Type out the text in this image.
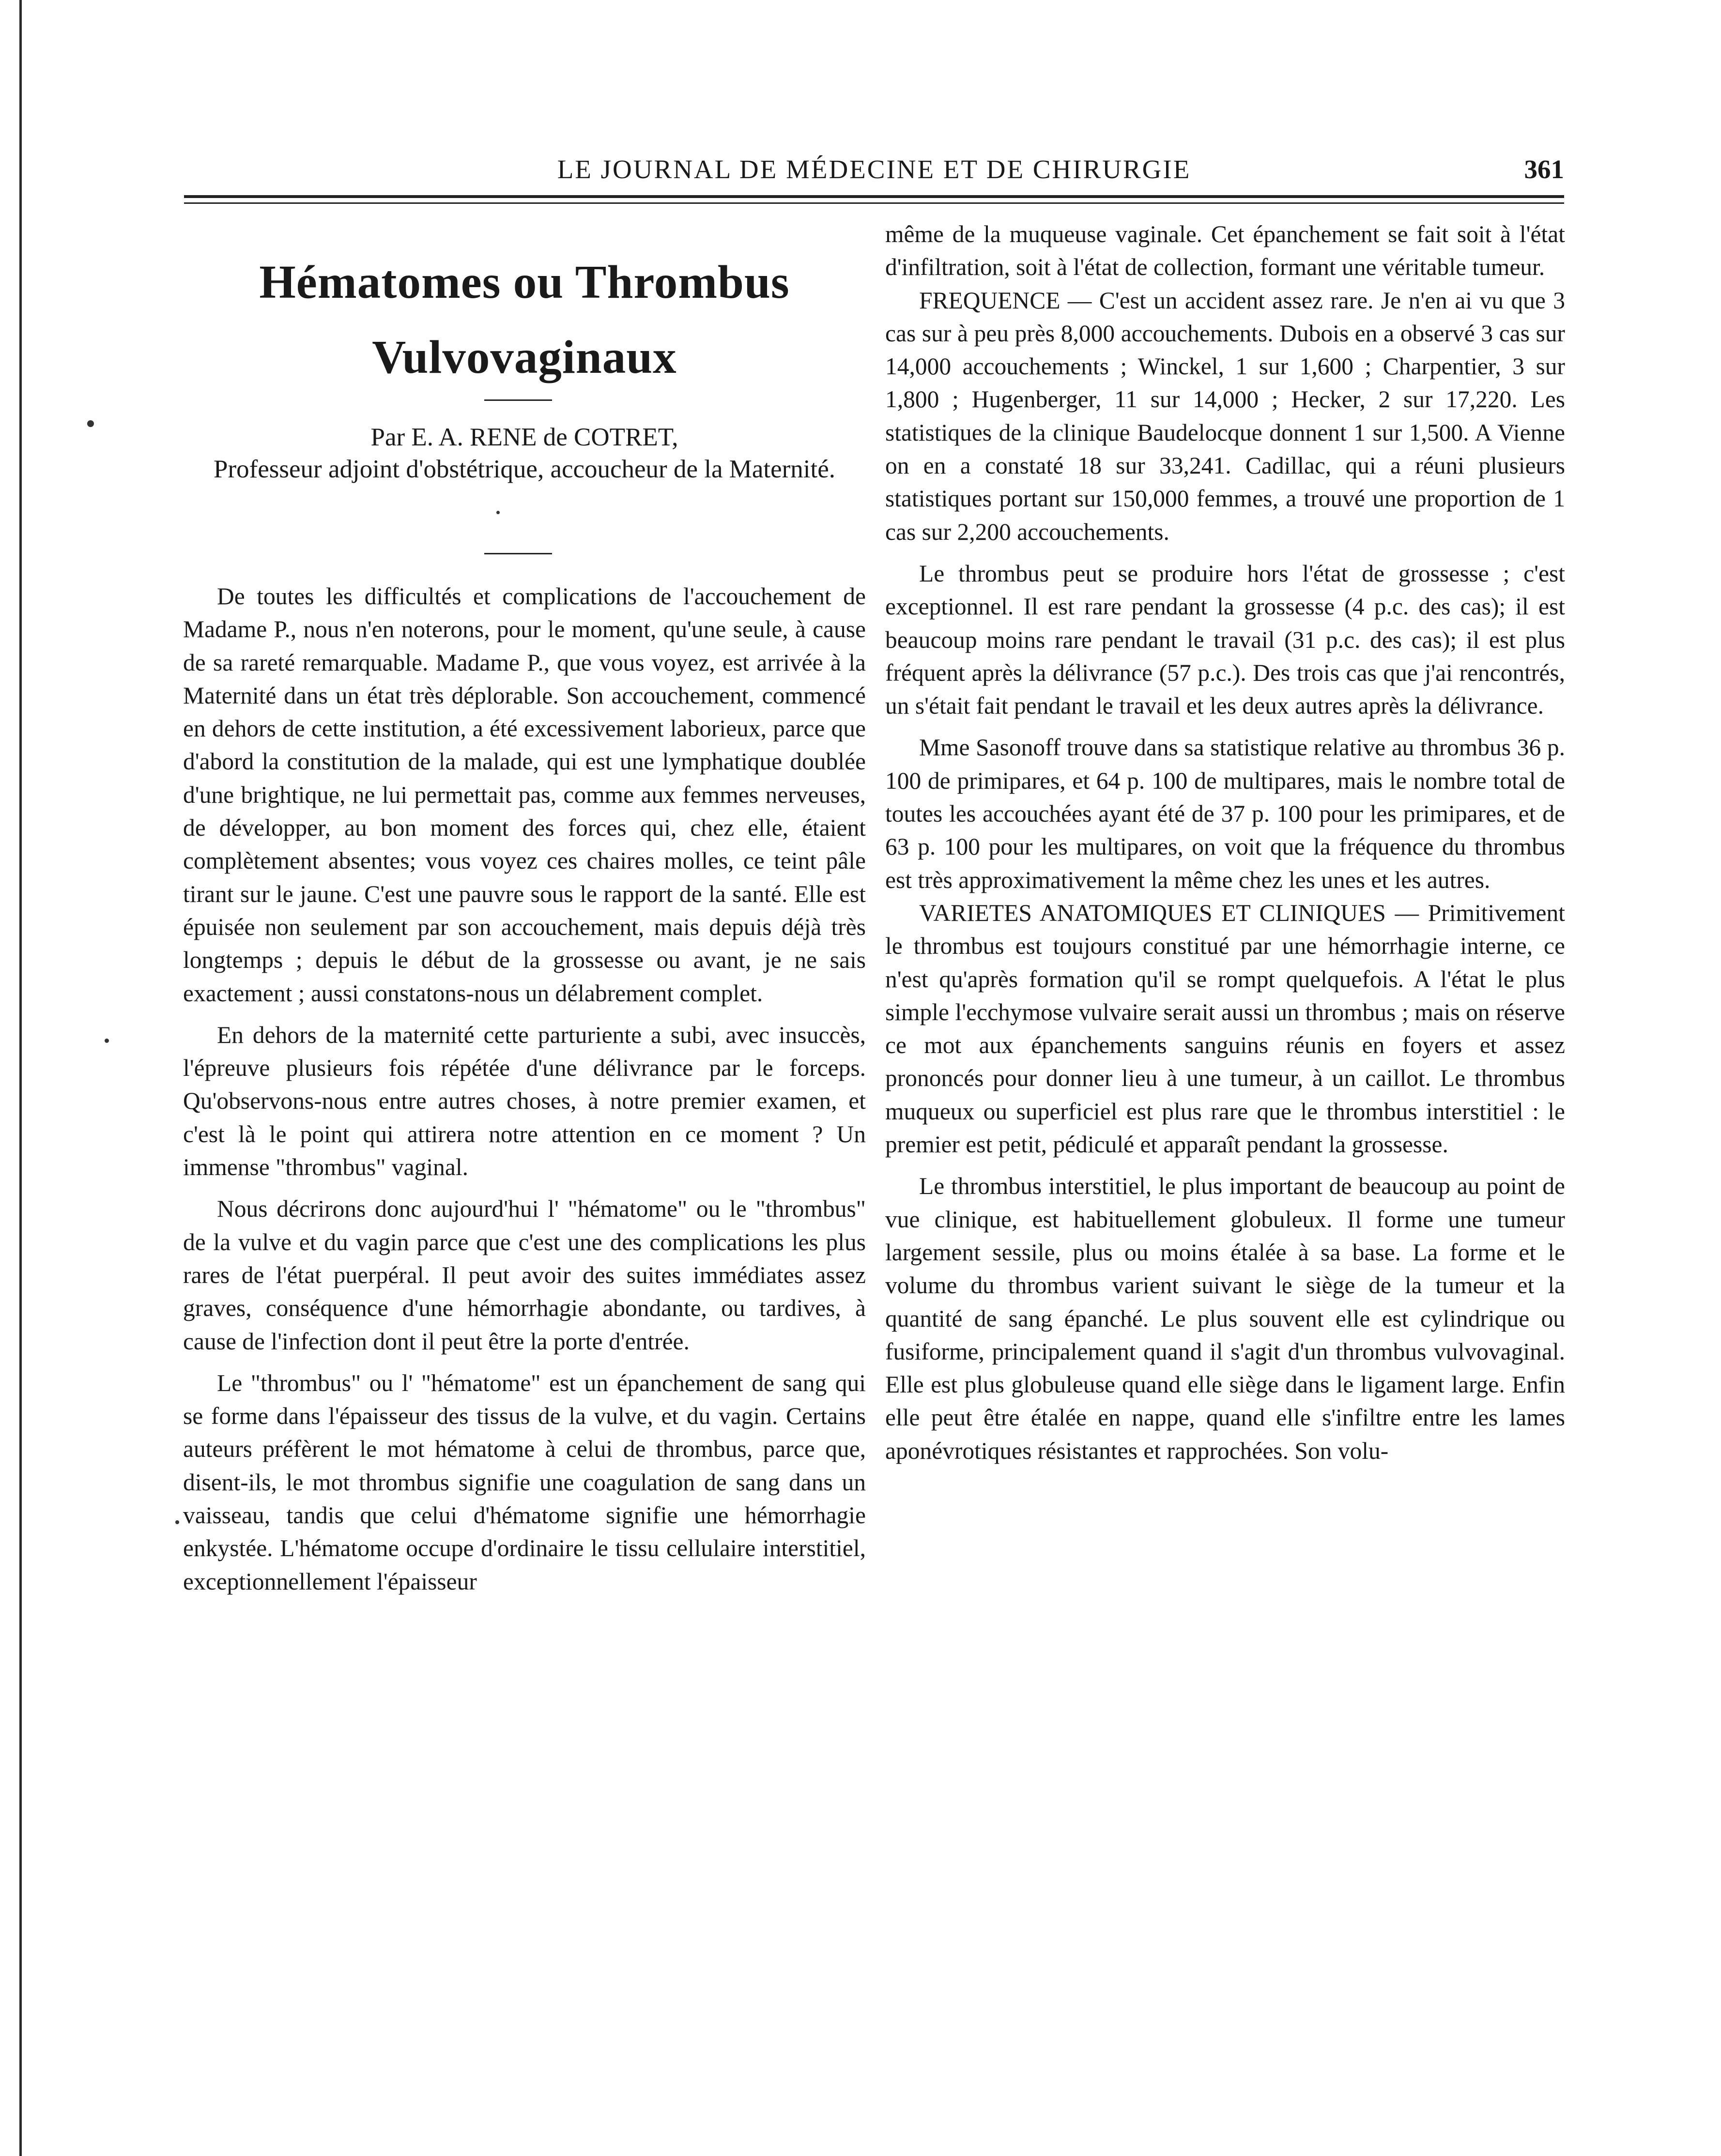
LE JOURNAL DE MÉDECINE ET DE CHIRURGIE	361
Hématomes ou Thrombus
Vulvovaginaux
Par E. A. RENE de COTRET,
Professeur adjoint d'obstétrique, accoucheur de la Maternité.

De toutes les difficultés et complications de l'accouchement de Madame P., nous n'en noterons, pour le moment, qu'une seule, à cause de sa rareté remarquable. Madame P., que vous voyez, est arrivée à la Maternité dans un état très déplorable. Son accouchement, commencé en dehors de cette institution, a été excessivement laborieux, parce que d'abord la constitution de la malade, qui est une lymphatique doublée d'une brightique, ne lui permettait pas, comme aux femmes nerveuses, de développer, au bon moment des forces qui, chez elle, étaient complètement absentes; vous voyez ces chaires molles, ce teint pâle tirant sur le jaune. C'est une pauvre sous le rapport de la santé. Elle est épuisée non seulement par son accouchement, mais depuis déjà très longtemps ; depuis le début de la grossesse ou avant, je ne sais exactement ; aussi constatons-nous un délabrement complet.

En dehors de la maternité cette parturiente a subi, avec insuccès, l'épreuve plusieurs fois répétée d'une délivrance par le forceps. Qu'observons-nous entre autres choses, à notre premier examen, et c'est là le point qui attirera notre attention en ce moment ? Un immense "thrombus" vaginal.

Nous décrirons donc aujourd'hui l' "hématome" ou le "thrombus" de la vulve et du vagin parce que c'est une des complications les plus rares de l'état puerpéral. Il peut avoir des suites immédiates assez graves, conséquence d'une hémorrhagie abondante, ou tardives, à cause de l'infection dont il peut être la porte d'entrée.

Le "thrombus" ou l' "hématome" est un épanchement de sang qui se forme dans l'épaisseur des tissus de la vulve, et du vagin. Certains auteurs préfèrent le mot hématome à celui de thrombus, parce que, disent-ils, le mot thrombus signifie une coagulation de sang dans un vaisseau, tandis que celui d'hématome signifie une hémorrhagie enkystée. L'hématome occupe d'ordinaire le tissu cellulaire interstitiel, exceptionnellement l'épaisseur

même de la muqueuse vaginale. Cet épanchement se fait soit à l'état d'infiltration, soit à l'état de collection, formant une véritable tumeur.

FREQUENCE — C'est un accident assez rare. Je n'en ai vu que 3 cas sur à peu près 8,000 accouchements. Dubois en a observé 3 cas sur 14,000 accouchements ; Winckel, 1 sur 1,600 ; Charpentier, 3 sur 1,800 ; Hugenberger, 11 sur 14,000 ; Hecker, 2 sur 17,220. Les statistiques de la clinique Baudelocque donnent 1 sur 1,500. A Vienne on en a constaté 18 sur 33,241. Cadillac, qui a réuni plusieurs statistiques portant sur 150,000 femmes, a trouvé une proportion de 1 cas sur 2,200 accouchements.

Le thrombus peut se produire hors l'état de grossesse ; c'est exceptionnel. Il est rare pendant la grossesse (4 p.c. des cas); il est beaucoup moins rare pendant le travail (31 p.c. des cas); il est plus fréquent après la délivrance (57 p.c.). Des trois cas que j'ai rencontrés, un s'était fait pendant le travail et les deux autres après la délivrance.

Mme Sasonoff trouve dans sa statistique relative au thrombus 36 p. 100 de primipares, et 64 p. 100 de multipares, mais le nombre total de toutes les accouchées ayant été de 37 p. 100 pour les primipares, et de 63 p. 100 pour les multipares, on voit que la fréquence du thrombus est très approximativement la même chez les unes et les autres.

VARIETES ANATOMIQUES ET CLINIQUES — Primitivement le thrombus est toujours constitué par une hémorrhagie interne, ce n'est qu'après formation qu'il se rompt quelquefois. A l'état le plus simple l'ecchymose vulvaire serait aussi un thrombus ; mais on réserve ce mot aux épanchements sanguins réunis en foyers et assez prononcés pour donner lieu à une tumeur, à un caillot. Le thrombus muqueux ou superficiel est plus rare que le thrombus interstitiel : le premier est petit, pédiculé et apparaît pendant la grossesse.

Le thrombus interstitiel, le plus important de beaucoup au point de vue clinique, est habituellement globuleux. Il forme une tumeur largement sessile, plus ou moins étalée à sa base. La forme et le volume du thrombus varient suivant le siège de la tumeur et la quantité de sang épanché. Le plus souvent elle est cylindrique ou fusiforme, principalement quand il s'agit d'un thrombus vulvovaginal. Elle est plus globuleuse quand elle siège dans le ligament large. Enfin elle peut être étalée en nappe, quand elle s'infiltre entre les lames aponévrotiques résistantes et rapprochées. Son volu-
